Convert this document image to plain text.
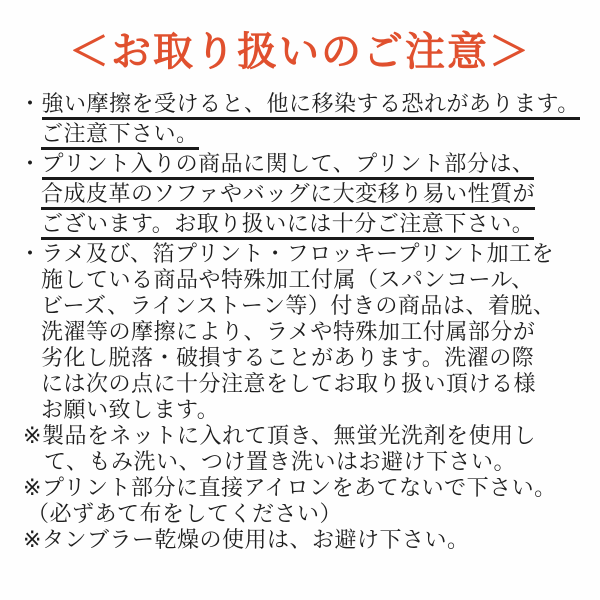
＜お取り扱いのご注意＞
・強い摩擦を受けると、他に移染する恐れがあります。
ご注意下さい。
・プリント入りの商品に関して、プリント部分は、
合成皮革のソファやバッグに大変移り易い性質が
ございます。お取り扱いには十分ご注意下さい。
・ラメ及び、箔プリント・フロッキープリント加工を
施している商品や特殊加工付属（スパンコール、
ビーズ、ラインストーン等）付きの商品は、着脱、
洗濯等の摩擦により、ラメや特殊加工付属部分が
劣化し脱落・破損することがあります。洗濯の際
には次の点に十分注意をしてお取り扱い頂ける様
お願い致します。
※製品をネットに入れて頂き、無蛍光洗剤を使用し
て、もみ洗い、つけ置き洗いはお避け下さい。
※プリント部分に直接アイロンをあてないで下さい。
（必ずあて布をしてください）
※タンブラー乾燥の使用は、お避け下さい。
